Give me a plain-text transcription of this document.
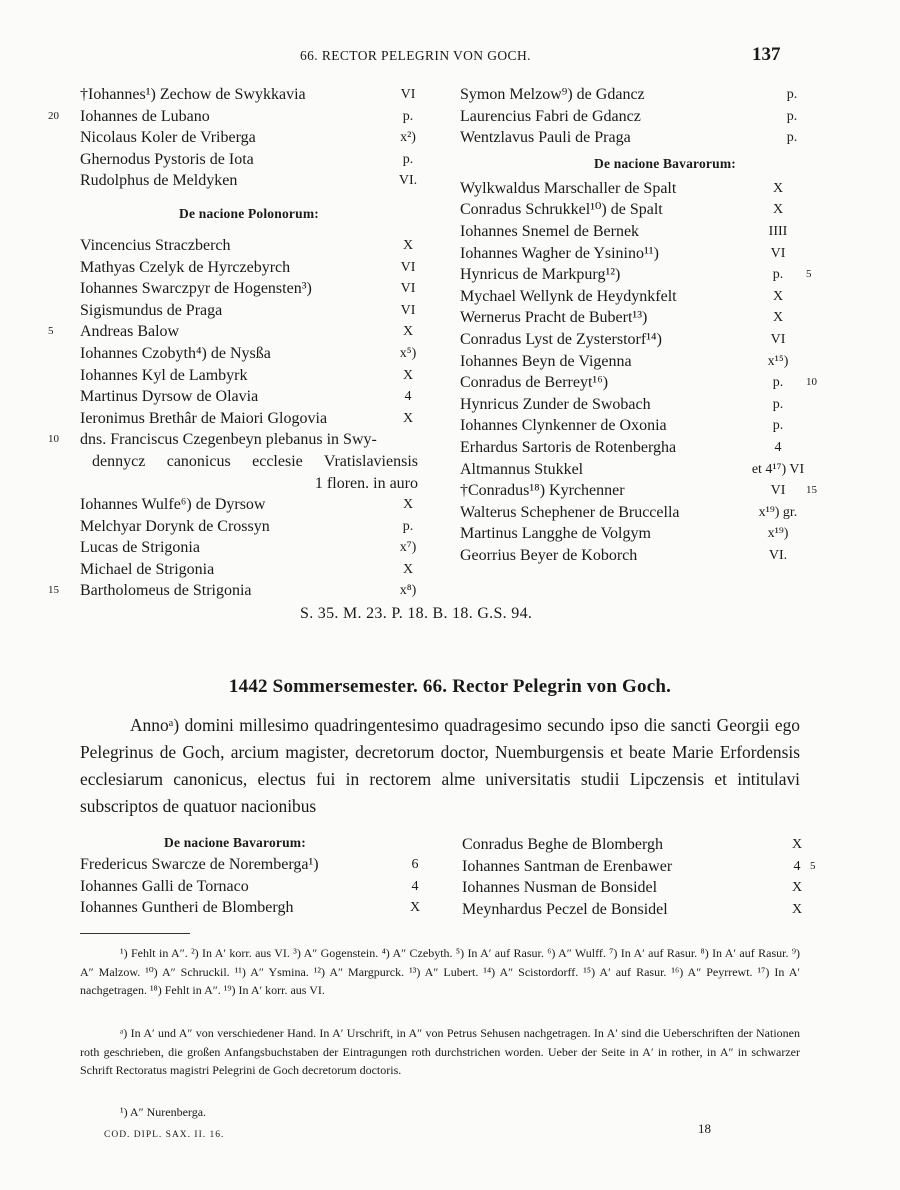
66. RECTOR PELEGRIN VON GOCH.	137
†Iohannes¹) Zechow de Swykkavia	VI
20 Iohannes de Lubano	p.
Nicolaus Koler de Vriberga	x²)
Ghernodus Pystoris de Iota	p.
Rudolphus de Meldyken	VI.
De nacione Polonorum:
Vincencius Straczberch	X
Mathyas Czelyk de Hyrczebyrch	VI
Iohannes Swarczpyr de Hogensten³)	VI
Sigismundus de Praga	VI
5 Andreas Balow	X
Iohannes Czobyth⁴) de Nysßa	x⁵)
Iohannes Kyl de Lambyrk	X
Martinus Dyrsow de Olavia	4
Ieronimus Brethâr de Maiori Glogovia	X
10 dns. Franciscus Czegenbeyn plebanus in Swy-
dennycz canonicus ecclesie Vratislaviensis
1 floren. in auro
Iohannes Wulfe⁶) de Dyrsow	X
Melchyar Dorynk de Crossyn	p.
Lucas de Strigonia	x⁷)
Michael de Strigonia	X
15 Bartholomeus de Strigonia	x⁸)
Symon Melzow⁹) de Gdancz	p.
Laurencius Fabri de Gdancz	p.
Wentzlavus Pauli de Praga	p.
De nacione Bavarorum:
Wylkwaldus Marschaller de Spalt	X
Conradus Schrukkel¹⁰) de Spalt	X
Iohannes Snemel de Bernek	IIII
Iohannes Wagher de Ysinino¹¹)	VI
Hynricus de Markpurg¹²)	p.	5
Mychael Wellynk de Heydynkfelt	X
Wernerus Pracht de Bubert¹³)	X
Conradus Lyst de Zysterstorf¹⁴)	VI
Iohannes Beyn de Vigenna	x¹⁵)
Conradus de Berreyt¹⁶)	p.	10
Hynricus Zunder de Swobach	p.
Iohannes Clynkenner de Oxonia	p.
Erhardus Sartoris de Rotenbergha	4
Altmannus Stukkel	et 4¹⁷) VI
†Conradus¹⁸) Kyrchenner	VI	15
Walterus Schephener de Bruccella	x¹⁹) gr.
Martinus Langghe de Volgym	x¹⁹)
Georrius Beyer de Koborch	VI.
S. 35. M. 23. P. 18. B. 18. G.S. 94.
1442 Sommersemester. 66. Rector Pelegrin von Goch.

Annoᵃ) domini millesimo quadringentesimo quadragesimo secundo ipso die sancti Georgii ego Pelegrinus de Goch, arcium magister, decretorum doctor, Nuemburgensis et beate Marie Erfordensis ecclesiarum canonicus, electus fui in rectorem alme universitatis studii Lipczensis et intitulavi subscriptos de quatuor nacionibus

De nacione Bavarorum:
Fredericus Swarcze de Noremberga¹)	6
Iohannes Galli de Tornaco	4
Iohannes Guntheri de Blombergh	X
Conradus Beghe de Blombergh	X
Iohannes Santman de Erenbawer	4 5
Iohannes Nusman de Bonsidel	X
Meynhardus Peczel de Bonsidel	X
¹) Fehlt in A″. ²) In A′ korr. aus VI. ³) A″ Gogenstein. ⁴) A″ Czebyth. ⁵) In A′ auf Rasur. ⁶) A″ Wulff. ⁷) In A′ auf Rasur. ⁸) In A′ auf Rasur. ⁹) A″ Malzow. ¹⁰) A″ Schruckil. ¹¹) A″ Ysmina. ¹²) A″ Margpurck. ¹³) A″ Lubert. ¹⁴) A″ Scistordorff. ¹⁵) A′ auf Rasur. ¹⁶) A″ Peyrrewt. ¹⁷) In A′ nachgetragen. ¹⁸) Fehlt in A″. ¹⁹) In A′ korr. aus VI.
ᵃ) In A′ und A″ von verschiedener Hand. In A′ Urschrift, in A″ von Petrus Sehusen nachgetragen. In A′ sind die Ueberschriften der Nationen roth geschrieben, die großen Anfangsbuchstaben der Eintragungen roth durchstrichen worden. Ueber der Seite in A′ in rother, in A″ in schwarzer Schrift Rectoratus magistri Pelegrini de Goch decretorum doctoris.
¹) A″ Nurenberga.
COD. DIPL. SAX. II. 16.	18
